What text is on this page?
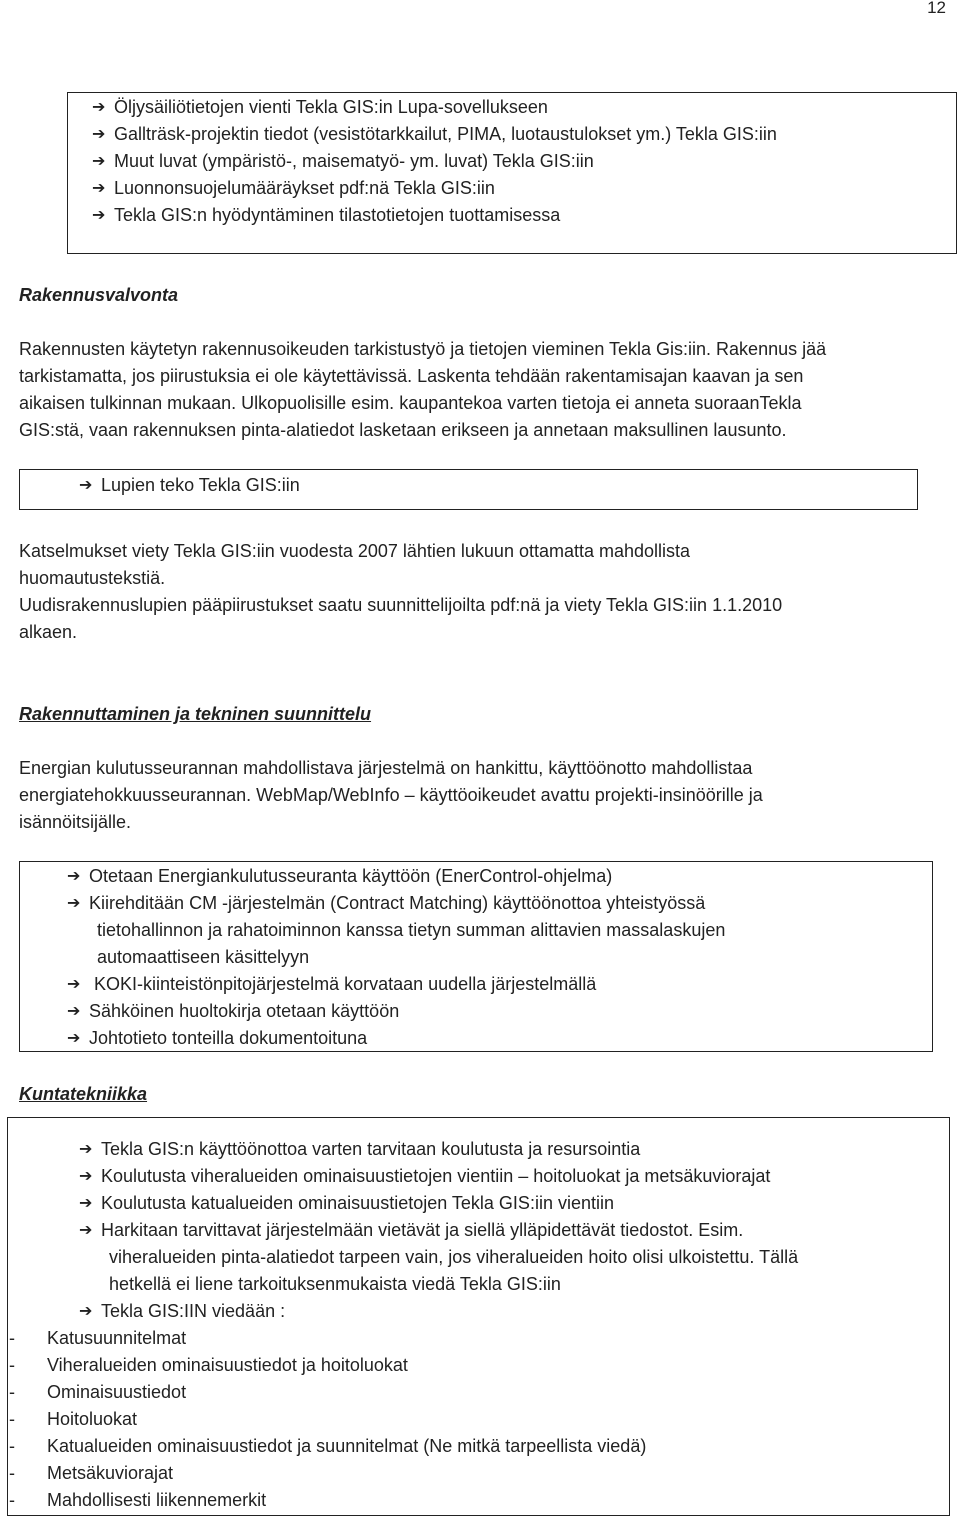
12
➔ Öljysäiliötietojen vienti Tekla GIS:in Lupa-sovellukseen
➔ Gallträsk-projektin tiedot (vesistötarkkailut, PIMA, luotaustulokset ym.) Tekla GIS:iin
➔ Muut luvat (ympäristö-, maisematyö- ym. luvat) Tekla GIS:iin
➔ Luonnonsuojelumääräykset pdf:nä Tekla GIS:iin
➔ Tekla GIS:n hyödyntäminen tilastotietojen tuottamisessa
Rakennusvalvonta
Rakennusten käytetyn rakennusoikeuden tarkistustyö ja tietojen vieminen Tekla Gis:iin. Rakennus jää
tarkistamatta, jos piirustuksia ei ole käytettävissä. Laskenta tehdään rakentamisajan kaavan ja sen
aikaisen tulkinnan mukaan. Ulkopuolisille esim. kaupantekoa varten tietoja ei anneta suoraanTekla
GIS:stä, vaan rakennuksen pinta-alatiedot lasketaan erikseen ja annetaan maksullinen lausunto.
➔ Lupien teko Tekla GIS:iin
Katselmukset viety Tekla GIS:iin vuodesta 2007 lähtien lukuun ottamatta mahdollista
huomautustekstiä.
Uudisrakennuslupien pääpiirustukset saatu suunnittelijoilta pdf:nä ja viety Tekla GIS:iin 1.1.2010
alkaen.
Rakennuttaminen ja tekninen suunnittelu
Energian kulutusseurannan mahdollistava järjestelmä on hankittu, käyttöönotto mahdollistaa
energiatehokkuusseurannan. WebMap/WebInfo – käyttöoikeudet avattu projekti-insinöörille ja
isännöitsijälle.
➔ Otetaan Energiankulutusseuranta käyttöön (EnerControl-ohjelma)
➔ Kiirehditään CM -järjestelmän (Contract Matching) käyttöönottoa yhteistyössä
tietohallinnon ja rahatoiminnon kanssa tietyn summan alittavien massalaskujen
automaattiseen käsittelyyn
➔ KOKI-kiinteistönpitojärjestelmä korvataan uudella järjestelmällä
➔ Sähköinen huoltokirja otetaan käyttöön
➔ Johtotieto tonteilla dokumentoituna
Kuntatekniikka
➔ Tekla GIS:n käyttöönottoa varten tarvitaan koulutusta ja resursointia
➔ Koulutusta viheralueiden ominaisuustietojen vientiin – hoitoluokat ja metsäkuviorajat
➔ Koulutusta katualueiden ominaisuustietojen Tekla GIS:iin vientiin
➔ Harkitaan tarvittavat järjestelmään vietävät ja siellä ylläpidettävät tiedostot. Esim.
viheralueiden pinta-alatiedot tarpeen vain, jos viheralueiden hoito olisi ulkoistettu. Tällä
hetkellä ei liene tarkoituksenmukaista viedä Tekla GIS:iin
➔ Tekla GIS:IIN viedään :
- Katusuunnitelmat
- Viheralueiden ominaisuustiedot ja hoitoluokat
- Ominaisuustiedot
- Hoitoluokat
- Katualueiden ominaisuustiedot ja suunnitelmat (Ne mitkä tarpeellista viedä)
- Metsäkuviorajat
- Mahdollisesti liikennemerkit
